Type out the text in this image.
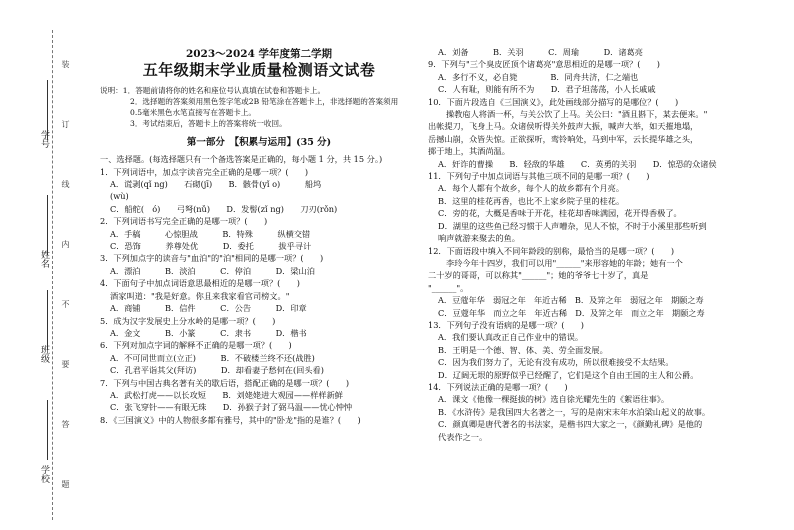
学号
姓名
班级
学校
装
订
线
内
不
要
答
题
2023～2024 学年度第二学期
五年级期末学业质量检测语文试卷
说明：1．答题前请将你的姓名和座位号认真填在试卷和答题卡上。
2．选择题的答案须用黑色签字笔或2B 铅笔涂在答题卡上，非选择题的答案须用
0.5毫米黑色水笔直接写在答题卡上。
3．考试结束后，答题卡上的答案将统一收回。
第一部分　【积累与运用】(35 分)
一、选择题。(每选择题只有一个备选答案是正确的，每小题 1 分，共 15 分。)
1．下列词语中，加点字读音完全正确的是哪一项？(　　)
A．谎剥(qǐ ng)　　石砌(jī)　　B．骸骨(yǐ o)　　　船坞
(wù)
C．船舵(　ó)　　弓弩(nǔ)　　D．发髻(zǐ ng)　　刀刃(rǒn)
2．下列词语书写完全正确的是哪一项？(　　)
A．手稿　　　心惊胆战　　　B．特殊　　　纵横交错
C．恐饰　　　养尊处优　　　D．委托　　　拔乎寻计
3．下列加点字的读音与"血泊"的"泊"相同的是哪一项？(　　)
A．漂泊　　　B．淡泊　　　C．停泊　　　D．梁山泊
4．下面句子中加点词语意思最相近的是哪一项？(　　)
酒家叫道："我是好意。你且来我家看官司榜文。"
A．商铺　　　B．信件　　　C．公告　　　D．印章
5．成为汉字发展史上分水岭的是哪一项？(　　)
A．金文　　　B．小篆　　　C．隶书　　　D．楷书
6．下列对加点字词的解释不正确的是哪一项？(　　)
A．不可同世而立(立正)　　　B．不破楼兰终不还(战胜)
C．孔君平诣其父(拜访)　　　D．却看妻子愁何在(回头看)
7．下列与中国古典名著有关的歇后语，搭配正确的是哪一项？(　　)
A．武松打虎——以长攻短　　B．刘姥姥进大观园——样样新鲜
C．张飞穿针——有眼无珠　　D．孙猴子封了弼马温——忧心忡忡
8．《三国演义》中的人物很多都有雅号，其中的"卧龙"指的是谁？(　　)
A．刘备　　　B．关羽　　　C．周瑜　　　D．诸葛亮
9．下列与"三个臭皮匠顶个诸葛亮"意思相近的是哪一项？(　　)
A．多行不义，必自毙　　　　B．同舟共济，仁之端也
C．人有耻，则能有所不为　　D．君子坦荡荡，小人长戚戚
10．下面片段选自《三国演义》，此处画线部分描写的是哪位？(　　)
操教庖人将酒一杯，与关公饮了上马。关公曰："酒且斟下，某去便来。"
出帐提刀，飞身上马。众诸侯听得关外鼓声大振，喊声大举，如天摧地塌，
岳撼山崩，众皆失惊。正欲探听，鸾铃响处，马到中军，云长提华雄之头，
掷于地上，其酒尚温。
A．奸诈的曹操　　B．轻敌的华雄　　C．英勇的关羽　　D．惊恐的众诸侯
11．下列句子中加点词语与其他三项不同的是哪一项？(　　)
A．每个人都有个故乡，每个人的故乡都有个月亮。
B．这里的桂花再香，也比不上家乡院子里的桂花。
C．旁的花，大概是香味于开花，桂花却香味满园，花开得香极了。
D．湖里的这些鱼已经习惯于人声嘈杂，见人不惊，不时于小溪里那些听到
响声就游来聚去的鱼。
12．下面语段中填入不同年龄段的别称，最恰当的是哪一项？(　　)
李玲今年十四岁，我们可以用"______"来形容她的年龄；她有一个
二十岁的哥哥，可以称其"______"；她的爷爷七十岁了，真是
"______"。
A．豆蔻年华　弱冠之年　年近古稀　B．及笄之年　弱冠之年　期颐之寿
C．豆蔻年华　而立之年　年近古稀　D．及笄之年　而立之年　期颐之寿
13．下列句子没有语病的是哪一项？(　　)
A．我们要认真改正自己作业中的错误。
B．王明是一个德、智、体、美、劳全面发展。
C．因为我们努力了，无论有没有成功，所以很难接受不太结果。
D．辽阔无垠的原野似乎已经醒了，它们是这个自由王国的主人和公爵。
14．下列说法正确的是哪一项？(　　)
A．课文《他像一棵挺拔的树》选自徐光耀先生的《絮语往事》。
B．《水浒传》是我国四大名著之一，写的是南宋末年水泊梁山起义的故事。
C．颜真卿是唐代著名的书法家，是楷书四大家之一，《颜勤礼碑》是他的
代表作之一。
